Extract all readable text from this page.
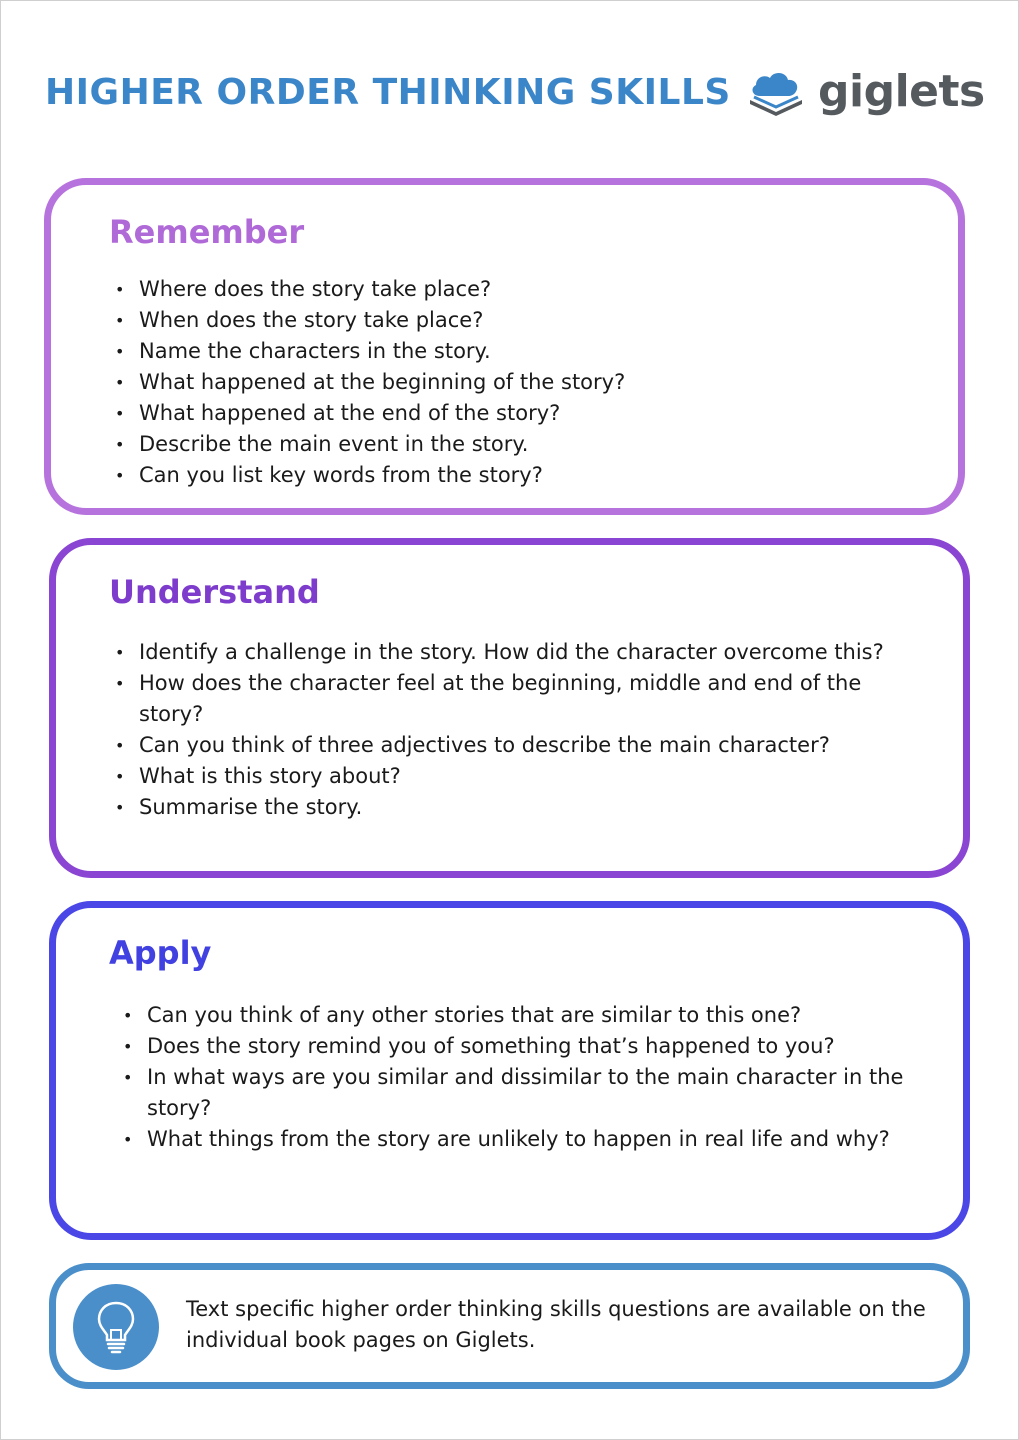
HIGHER ORDER THINKING SKILLS giglets
Remember
• Where does the story take place?
• When does the story take place?
• Name the characters in the story.
• What happened at the beginning of the story?
• What happened at the end of the story?
• Describe the main event in the story.
• Can you list key words from the story?
Understand
• Identify a challenge in the story. How did the character overcome this?
• How does the character feel at the beginning, middle and end of the story?
• Can you think of three adjectives to describe the main character?
• What is this story about?
• Summarise the story.
Apply
• Can you think of any other stories that are similar to this one?
• Does the story remind you of something that’s happened to you?
• In what ways are you similar and dissimilar to the main character in the story?
• What things from the story are unlikely to happen in real life and why?
Text specific higher order thinking skills questions are available on the individual book pages on Giglets.
